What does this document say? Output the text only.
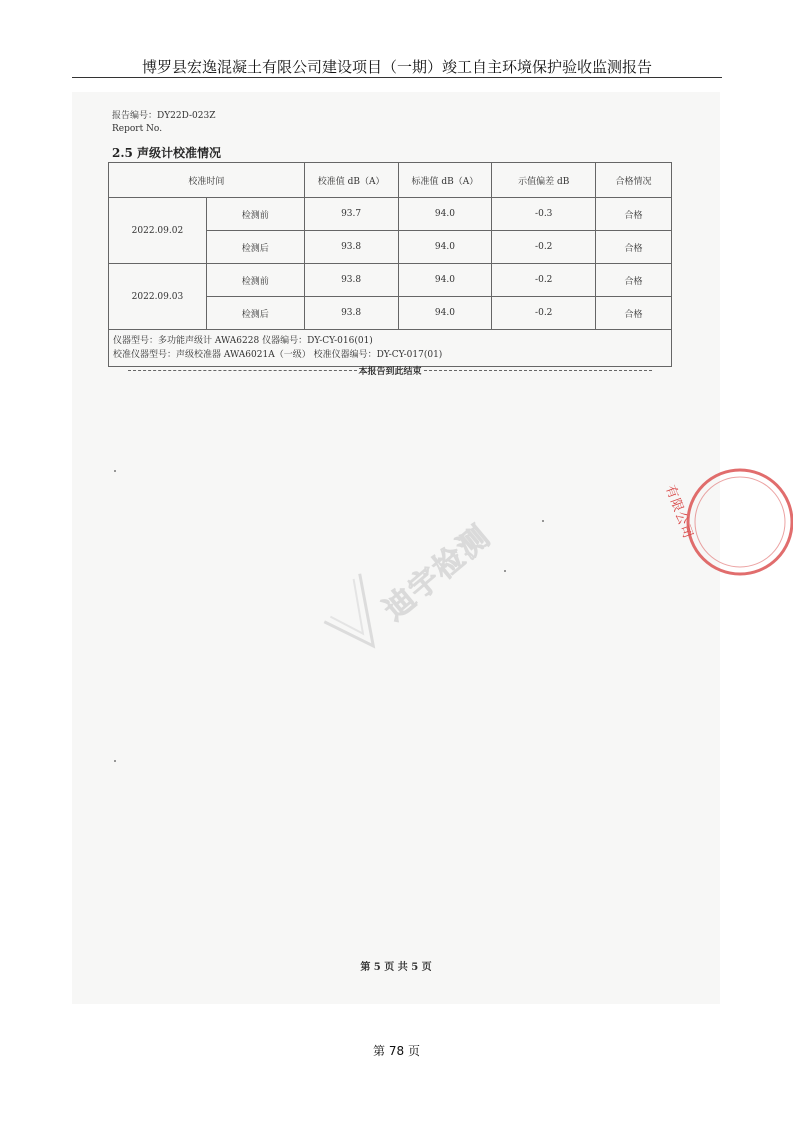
博罗县宏逸混凝土有限公司建设项目（一期）竣工自主环境保护验收监测报告
报告编号：DY22D-023Z
Report No.
2.5 声级计校准情况
校准时间		校准值 dB（A）	标准值 dB（A）	示值偏差 dB	合格情况
2022.09.02	检测前	93.7	94.0	-0.3	合格
	检测后	93.8	94.0	-0.2	合格
2022.09.03	检测前	93.8	94.0	-0.2	合格
	检测后	93.8	94.0	-0.2	合格

仪器型号：多功能声级计 AWA6228 仪器编号：DY-CY-016(01)
校准仪器型号：声级校准器 AWA6021A（一级） 校准仪器编号：DY-CY-017(01)					
本报告到此结束
迪宇检测
有限公司
第 5 页 共 5 页
第 78 页
